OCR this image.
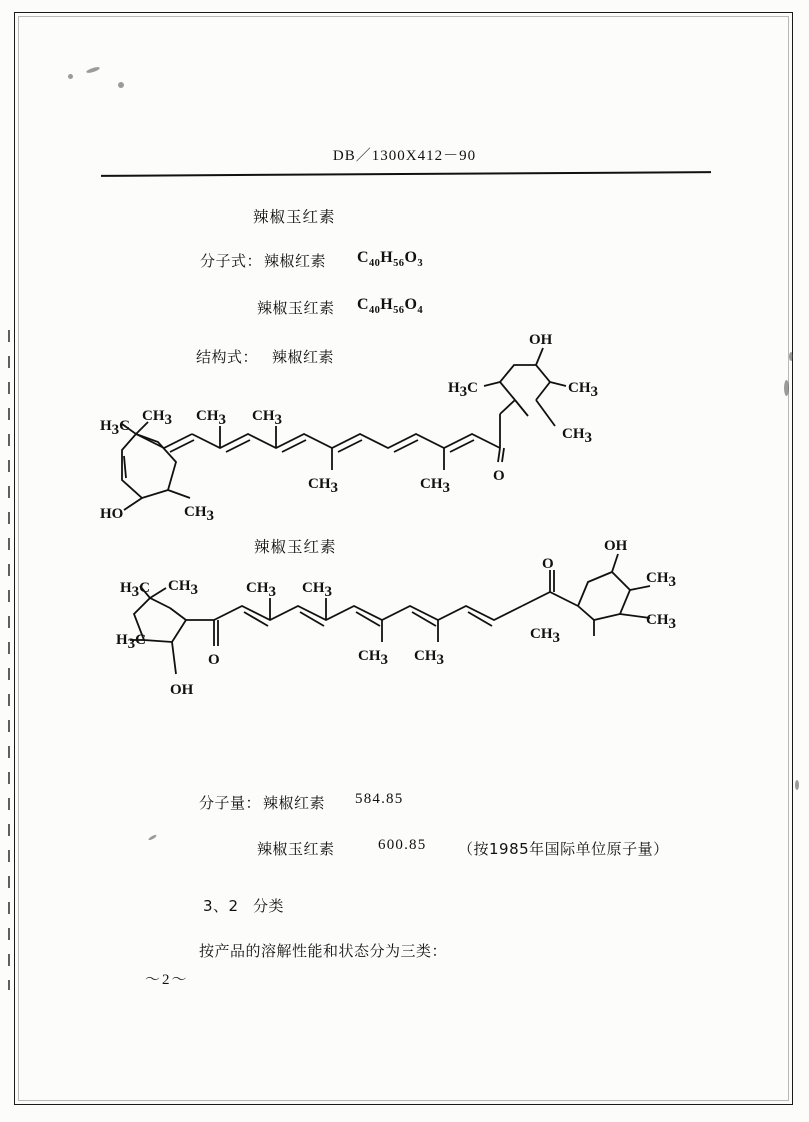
DB／1300X412－90
辣椒玉红素
分子式： 辣椒红素 $C_{40}H_{56}O_3$
辣椒玉红素 $C_{40}H_{56}O_4$
结构式： 辣椒红素
OH
H3C	CH3
CH3
O
CH3
CH3
CH3
CH3
H3C
CH3
CH3
HO
辣椒玉红素
H3C CH3
H3C
OH
O
CH3 CH3
CH3 CH3
O
CH3
OH
CH3
CH3
分子量： 辣椒红素 584.85
辣椒玉红素	600.85 （按1985年国际单位原子量）
3、2 分类
按产品的溶解性能和状态分为三类：
～2～
